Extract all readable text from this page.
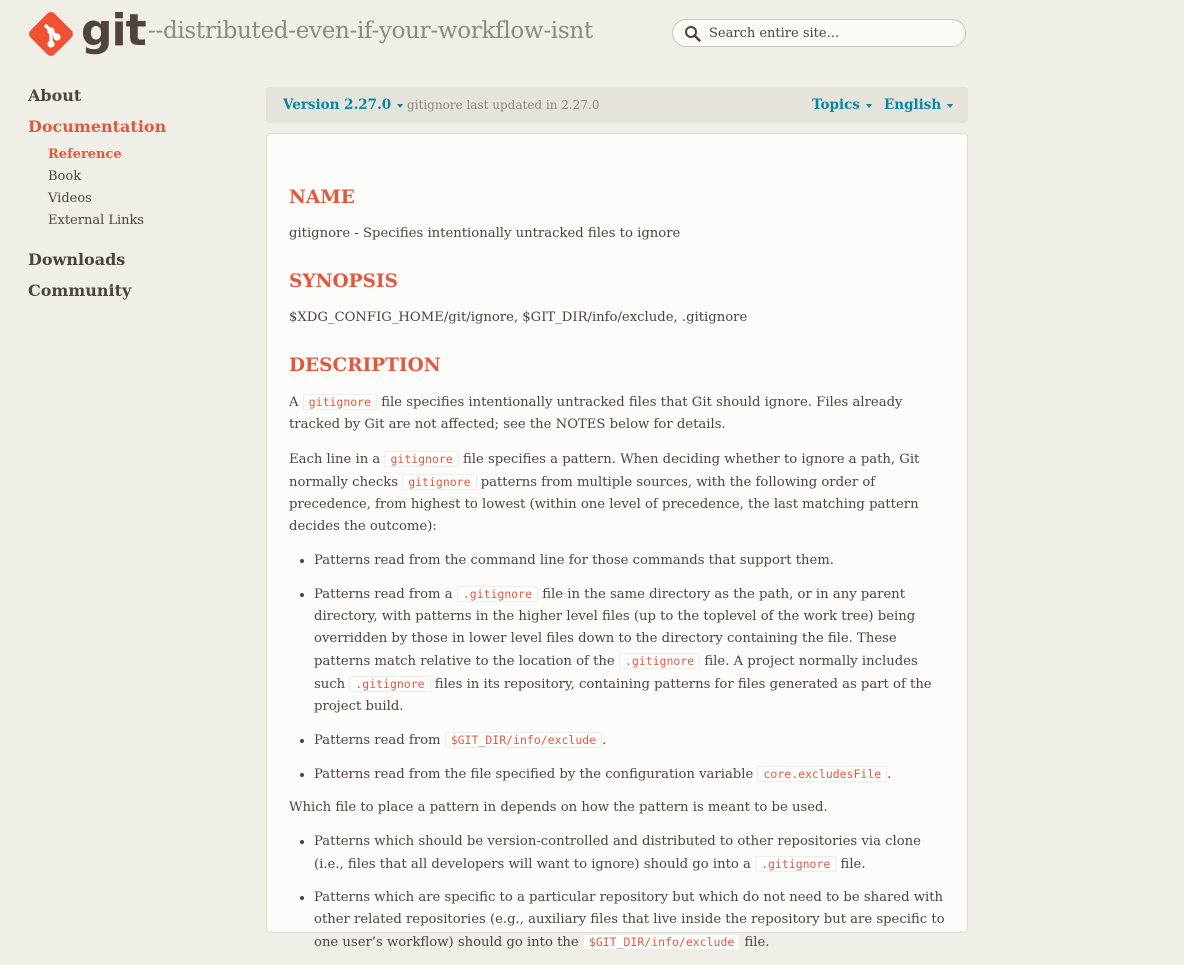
git --distributed-even-if-your-workflow-isnt
Search entire site...
About
Documentation
Reference
Book
Videos
External Links
Downloads
Community
Version 2.27.0	gitignore last updated in 2.27.0	Topics	English
NAME

gitignore - Specifies intentionally untracked files to ignore

SYNOPSIS

$XDG_CONFIG_HOME/git/ignore, $GIT_DIR/info/exclude, .gitignore

DESCRIPTION

A gitignore file specifies intentionally untracked files that Git should ignore. Files already tracked by Git are not affected; see the NOTES below for details.

Each line in a gitignore file specifies a pattern. When deciding whether to ignore a path, Git normally checks gitignore patterns from multiple sources, with the following order of precedence, from highest to lowest (within one level of precedence, the last matching pattern decides the outcome):

• Patterns read from the command line for those commands that support them.
• Patterns read from a .gitignore file in the same directory as the path, or in any parent directory, with patterns in the higher level files (up to the toplevel of the work tree) being overridden by those in lower level files down to the directory containing the file. These patterns match relative to the location of the .gitignore file. A project normally includes such .gitignore files in its repository, containing patterns for files generated as part of the project build.
• Patterns read from $GIT_DIR/info/exclude .
• Patterns read from the file specified by the configuration variable core.excludesFile .

Which file to place a pattern in depends on how the pattern is meant to be used.

• Patterns which should be version-controlled and distributed to other repositories via clone (i.e., files that all developers will want to ignore) should go into a .gitignore file.
• Patterns which are specific to a particular repository but which do not need to be shared with other related repositories (e.g., auxiliary files that live inside the repository but are specific to one user’s workflow) should go into the $GIT_DIR/info/exclude file.
